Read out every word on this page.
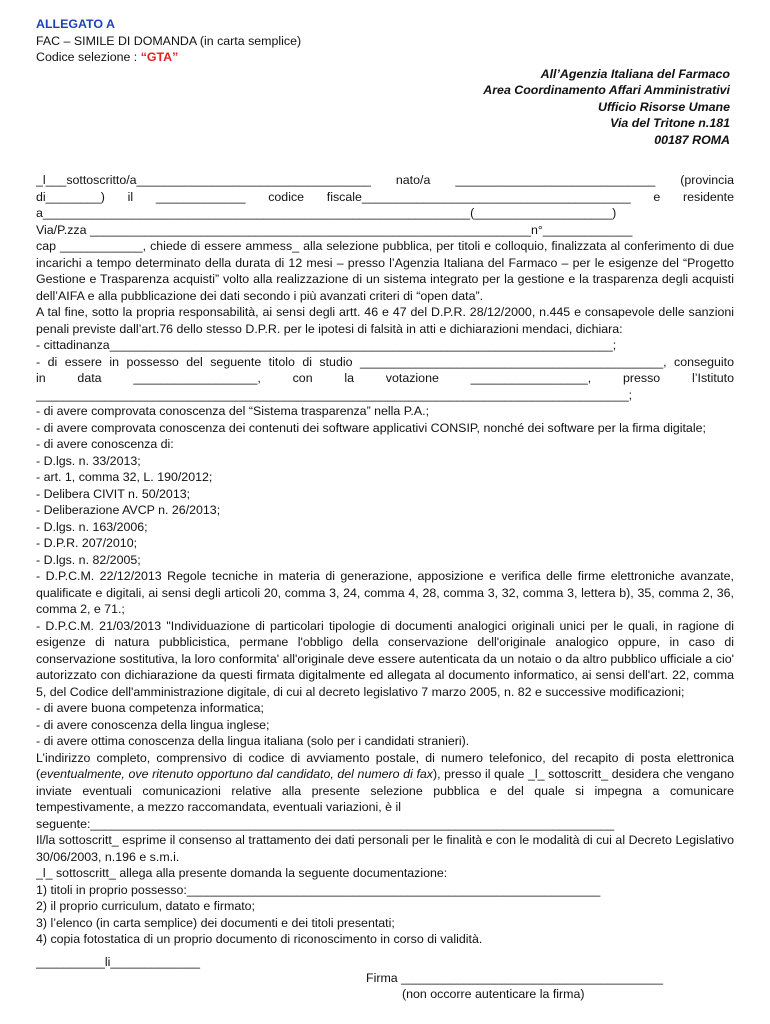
ALLEGATO A
FAC – SIMILE DI DOMANDA (in carta semplice)
Codice selezione : “GTA”
All’Agenzia Italiana del Farmaco
Area Coordinamento Affari Amministrativi
Ufficio Risorse Umane
Via del Tritone n.181
00187 ROMA
_l___sottoscritto/a__________________________________ nato/a _____________________________ (provincia
di________) il _____________ codice fiscale_______________________________________ e residente
a______________________________________________________________(____________________)
Via/P.zza ________________________________________________________________n°_____________
cap ____________, chiede di essere ammess_ alla selezione pubblica, per titoli e colloquio, finalizzata al conferimento di due incarichi a tempo determinato della durata di 12 mesi – presso l’Agenzia Italiana del Farmaco – per le esigenze del “Progetto Gestione e Trasparenza acquisti” volto alla realizzazione di un sistema integrato per la gestione e la trasparenza degli acquisti dell’AIFA e alla pubblicazione dei dati secondo i più avanzati criteri di “open data”.
A tal fine, sotto la propria responsabilità, ai sensi degli artt. 46 e 47 del D.P.R. 28/12/2000, n.445 e consapevole delle sanzioni penali previste dall’art.76 dello stesso D.P.R. per le ipotesi di falsità in atti e dichiarazioni mendaci, dichiara:
- cittadinanza_________________________________________________________________________;
- di essere in possesso del seguente titolo di studio ____________________________________________, conseguito
in data __________________, con la votazione _________________, presso l’Istituto
______________________________________________________________________________________;
- di avere comprovata conoscenza del “Sistema trasparenza” nella P.A.;
- di avere comprovata conoscenza dei contenuti dei software applicativi CONSIP, nonché dei software per la firma digitale;
- di avere conoscenza di:
- D.lgs. n. 33/2013;
- art. 1, comma 32, L. 190/2012;
- Delibera CIVIT n. 50/2013;
- Deliberazione AVCP n. 26/2013;
- D.lgs. n. 163/2006;
- D.P.R. 207/2010;
- D.lgs. n. 82/2005;
- D.P.C.M. 22/12/2013 Regole tecniche in materia di generazione, apposizione e verifica delle firme elettroniche avanzate, qualificate e digitali, ai sensi degli articoli 20, comma 3, 24, comma 4, 28, comma 3, 32, comma 3, lettera b), 35, comma 2, 36, comma 2, e 71.;
- D.P.C.M. 21/03/2013 "Individuazione di particolari tipologie di documenti analogici originali unici per le quali, in ragione di esigenze di natura pubblicistica, permane l'obbligo della conservazione dell'originale analogico oppure, in caso di conservazione sostitutiva, la loro conformita' all'originale deve essere autenticata da un notaio o da altro pubblico ufficiale a cio' autorizzato con dichiarazione da questi firmata digitalmente ed allegata al documento informatico, ai sensi dell'art. 22, comma 5, del Codice dell'amministrazione digitale, di cui al decreto legislativo 7 marzo 2005, n. 82 e successive modificazioni;
- di avere buona competenza informatica;
- di avere conoscenza della lingua inglese;
- di avere ottima conoscenza della lingua italiana (solo per i candidati stranieri).
L’indirizzo completo, comprensivo di codice di avviamento postale, di numero telefonico, del recapito di posta elettronica (eventualmente, ove ritenuto opportuno dal candidato, del numero di fax), presso il quale _l_ sottoscritt_ desidera che vengano inviate eventuali comunicazioni relative alla presente selezione pubblica e del quale si impegna a comunicare tempestivamente, a mezzo raccomandata, eventuali variazioni, è il
seguente:____________________________________________________________________________
Il/la sottoscritt_ esprime il consenso al trattamento dei dati personali per le finalità e con le modalità di cui al Decreto Legislativo 30/06/2003, n.196 e s.m.i.
_l_ sottoscritt_ allega alla presente domanda la seguente documentazione:
1) titoli in proprio possesso:____________________________________________________________
2) il proprio curriculum, datato e firmato;
3) l’elenco (in carta semplice) dei documenti e dei titoli presentati;
4) copia fotostatica di un proprio documento di riconoscimento in corso di validità.
__________li_____________
Firma ______________________________________
(non occorre autenticare la firma)
